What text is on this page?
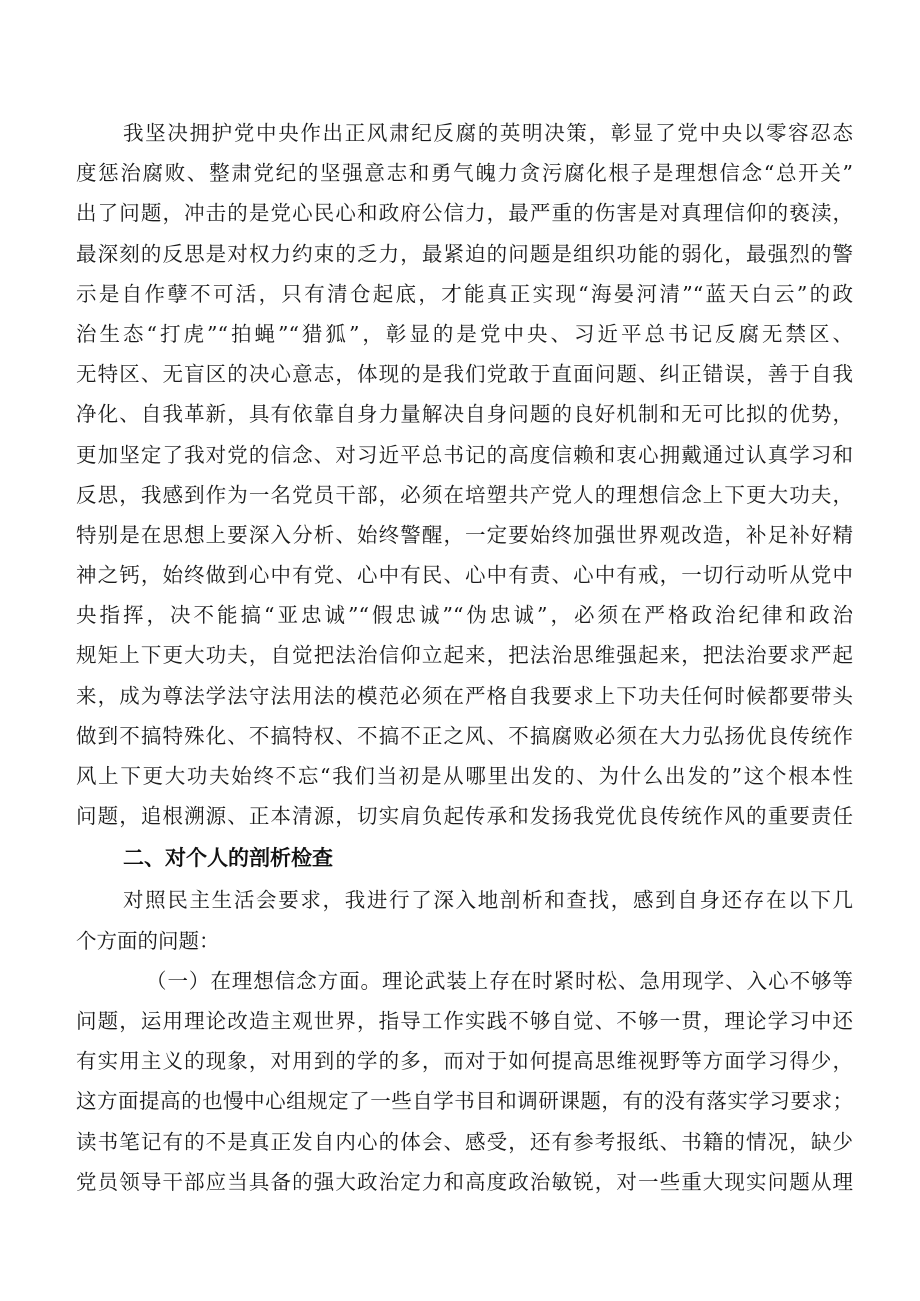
我坚决拥护党中央作出正风肃纪反腐的英明决策，彰显了党中央以零容忍态
度惩治腐败、整肃党纪的坚强意志和勇气魄力贪污腐化根子是理想信念“总开关”
出了问题，冲击的是党心民心和政府公信力，最严重的伤害是对真理信仰的亵渎，
最深刻的反思是对权力约束的乏力，最紧迫的问题是组织功能的弱化，最强烈的警
示是自作孽不可活，只有清仓起底，才能真正实现“海晏河清”“蓝天白云”的政
治生态“打虎”“拍蝇”“猎狐”，彰显的是党中央、习近平总书记反腐无禁区、
无特区、无盲区的决心意志，体现的是我们党敢于直面问题、纠正错误，善于自我
净化、自我革新，具有依靠自身力量解决自身问题的良好机制和无可比拟的优势，
更加坚定了我对党的信念、对习近平总书记的高度信赖和衷心拥戴通过认真学习和
反思，我感到作为一名党员干部，必须在培塑共产党人的理想信念上下更大功夫，
特别是在思想上要深入分析、始终警醒，一定要始终加强世界观改造，补足补好精
神之钙，始终做到心中有党、心中有民、心中有责、心中有戒，一切行动听从党中
央指挥，决不能搞“亚忠诚”“假忠诚”“伪忠诚”，必须在严格政治纪律和政治
规矩上下更大功夫，自觉把法治信仰立起来，把法治思维强起来，把法治要求严起
来，成为尊法学法守法用法的模范必须在严格自我要求上下功夫任何时候都要带头
做到不搞特殊化、不搞特权、不搞不正之风、不搞腐败必须在大力弘扬优良传统作
风上下更大功夫始终不忘“我们当初是从哪里出发的、为什么出发的”这个根本性
问题，追根溯源、正本清源，切实肩负起传承和发扬我党优良传统作风的重要责任
二、对个人的剖析检查
对照民主生活会要求，我进行了深入地剖析和查找，感到自身还存在以下几
个方面的问题：
（一）在理想信念方面。理论武装上存在时紧时松、急用现学、入心不够等
问题，运用理论改造主观世界，指导工作实践不够自觉、不够一贯，理论学习中还
有实用主义的现象，对用到的学的多，而对于如何提高思维视野等方面学习得少，
这方面提高的也慢中心组规定了一些自学书目和调研课题，有的没有落实学习要求；
读书笔记有的不是真正发自内心的体会、感受，还有参考报纸、书籍的情况，缺少
党员领导干部应当具备的强大政治定力和高度政治敏锐，对一些重大现实问题从理
